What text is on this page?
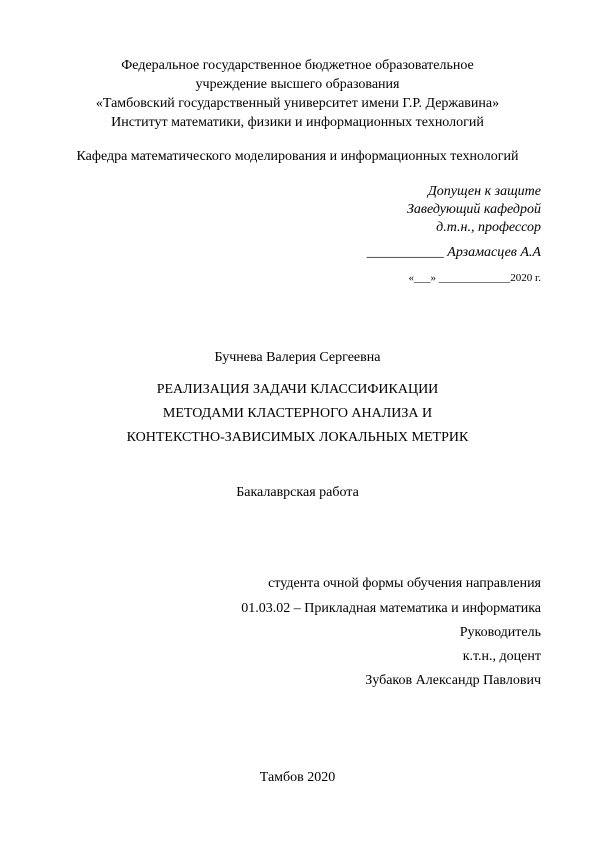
Федеральное государственное бюджетное образовательное
учреждение высшего образования
«Тамбовский государственный университет имени Г.Р. Державина»
Институт математики, физики и информационных технологий
Кафедра математического моделирования и информационных технологий
Допущен к защите
Заведующий кафедрой
д.т.н., профессор
___________ Арзамасцев А.А
«___» _____________2020 г.
Бучнева Валерия Сергеевна
РЕАЛИЗАЦИЯ ЗАДАЧИ КЛАССИФИКАЦИИ
МЕТОДАМИ КЛАСТЕРНОГО АНАЛИЗА И
КОНТЕКСТНО-ЗАВИСИМЫХ ЛОКАЛЬНЫХ МЕТРИК
Бакалаврская работа
студента очной формы обучения направления
01.03.02 – Прикладная математика и информатика
Руководитель
к.т.н., доцент
Зубаков Александр Павлович
Тамбов 2020
